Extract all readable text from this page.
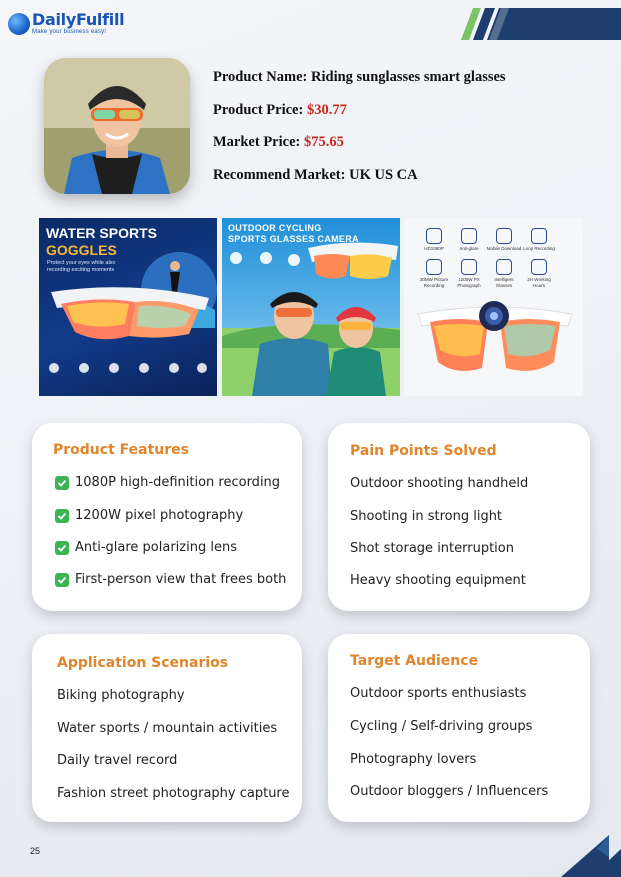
DailyFulfill
Make your business easy!
Product Name: Riding sunglasses smart glasses
Product Price: $30.77
Market Price: $75.65
Recommend Market: UK US CA
WATER SPORTS
GOGGLES
Protect your eyes while also recording exciting moments
OUTDOOR CYCLING
SPORTS GLASSES CAMERA
HD1080P	Anti-glare	Mobile Download Loop Recording
30MW Picture Recording
1200W PX Photograph
Intelligent Glasses
2H Working Hours
Product Features
1080P high-definition recording
1200W pixel photography
Anti-glare polarizing lens
First-person view that frees both
Pain Points Solved
Outdoor shooting handheld
Shooting in strong light
Shot storage interruption
Heavy shooting equipment
Application Scenarios
Biking photography
Water sports / mountain activities
Daily travel record
Fashion street photography capture
Target Audience
Outdoor sports enthusiasts
Cycling / Self-driving groups
Photography lovers
Outdoor bloggers / Influencers
25
